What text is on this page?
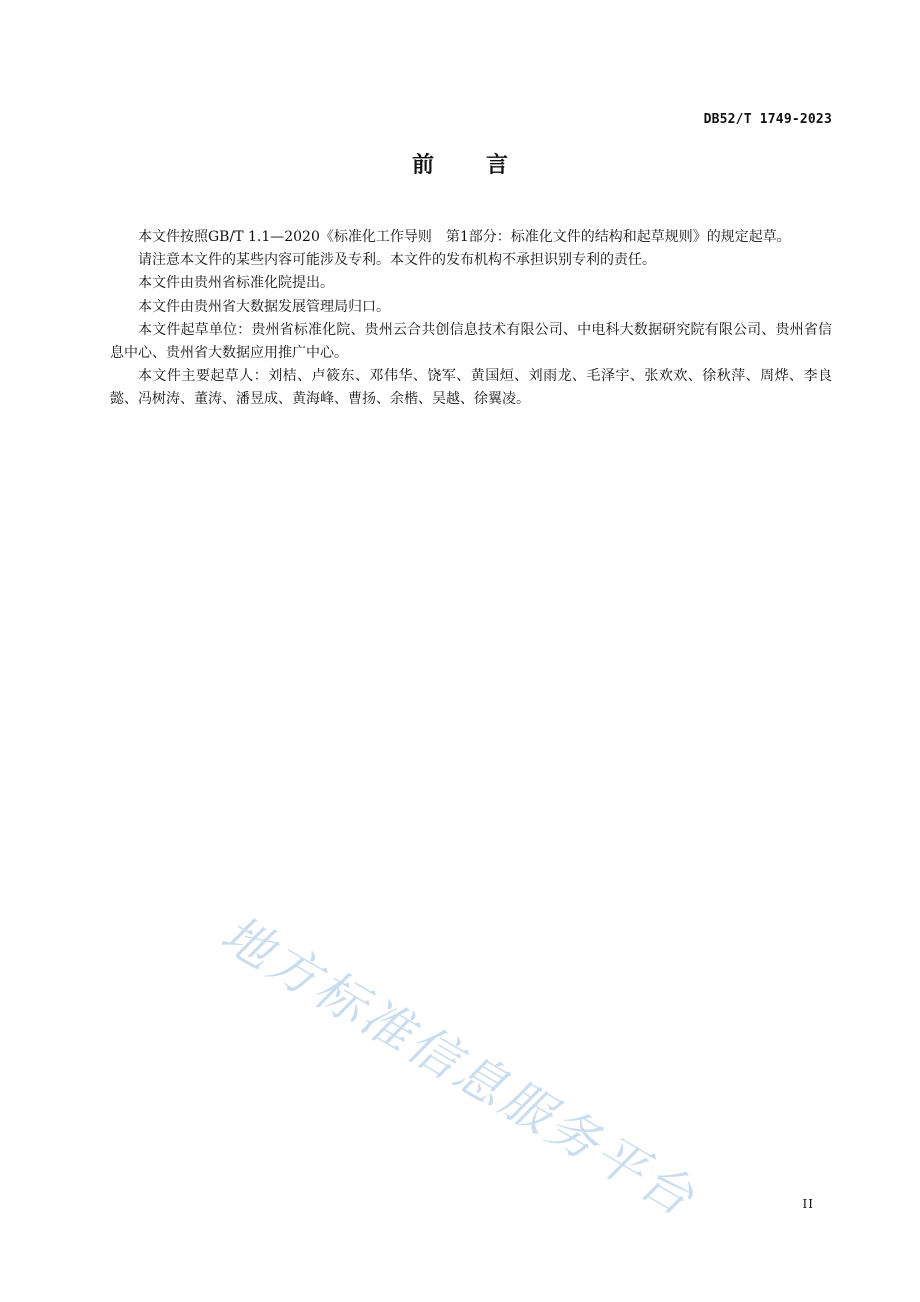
DB52/T 1749-2023
前言

本文件按照GB/T 1.1—2020《标准化工作导则　第1部分：标准化文件的结构和起草规则》的规定起草。

请注意本文件的某些内容可能涉及专利。本文件的发布机构不承担识别专利的责任。

本文件由贵州省标准化院提出。

本文件由贵州省大数据发展管理局归口。

本文件起草单位：贵州省标准化院、贵州云合共创信息技术有限公司、中电科大数据研究院有限公司、贵州省信息中心、贵州省大数据应用推广中心。

本文件主要起草人：刘桔、卢筱东、邓伟华、饶军、黄国烜、刘雨龙、毛泽宇、张欢欢、徐秋萍、周烨、李良懿、冯树涛、董涛、潘昱成、黄海峰、曹扬、余楷、吴越、徐翼凌。

地方标准信息服务平台	II
